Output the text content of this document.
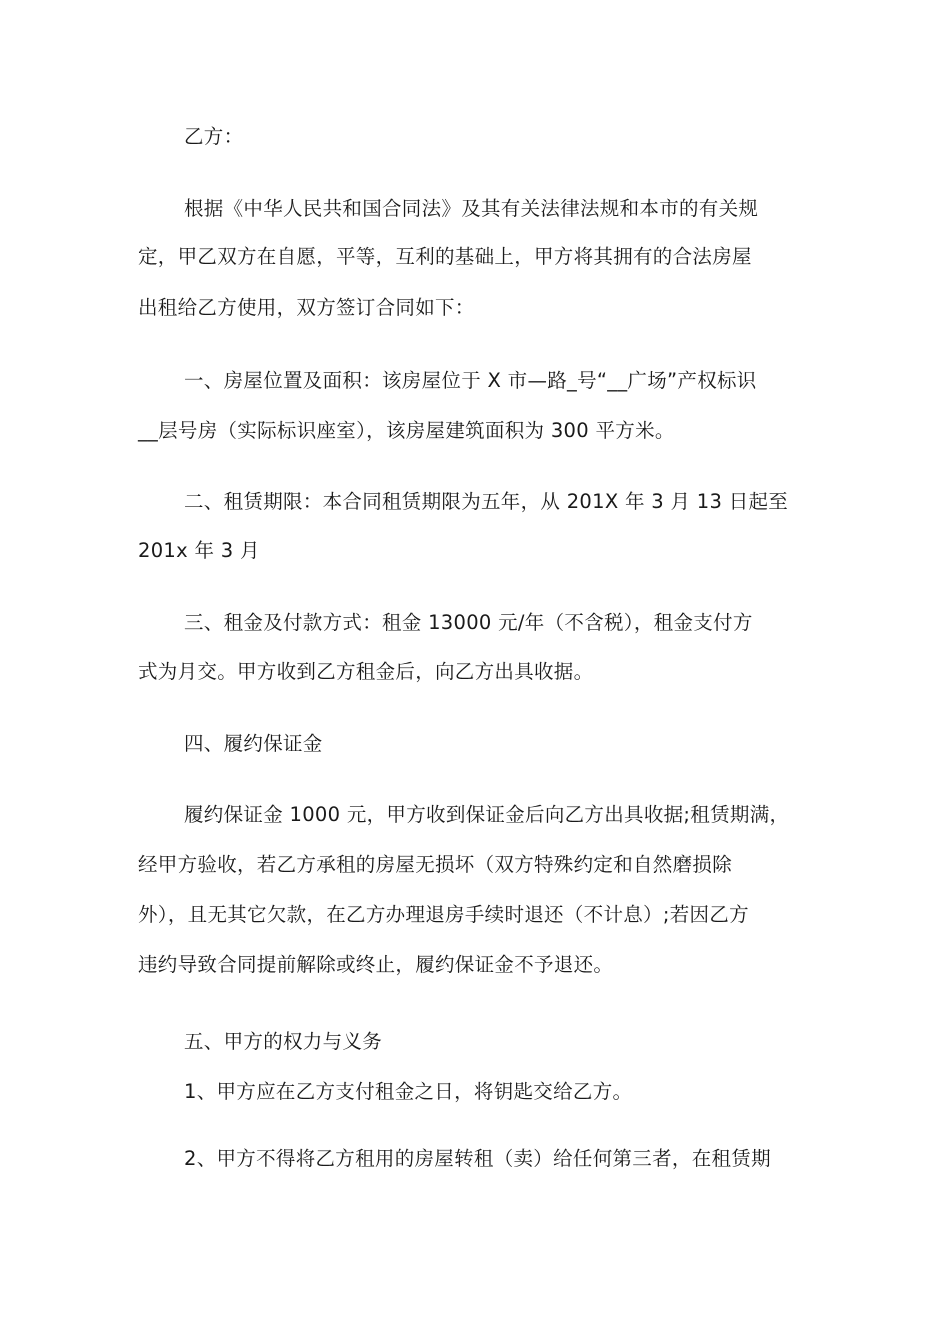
乙方：
根据《中华人民共和国合同法》及其有关法律法规和本市的有关规
定，甲乙双方在自愿，平等，互利的基础上，甲方将其拥有的合法房屋
出租给乙方使用，双方签订合同如下：
一、房屋位置及面积：该房屋位于 X 市—路_号“__广场”产权标识
__层号房（实际标识座室），该房屋建筑面积为 300 平方米。
二、租赁期限：本合同租赁期限为五年，从 201X 年 3 月 13 日起至
201x 年 3 月
三、租金及付款方式：租金 13000 元/年（不含税），租金支付方
式为月交。甲方收到乙方租金后，向乙方出具收据。
四、履约保证金
履约保证金 1000 元，甲方收到保证金后向乙方出具收据;租赁期满，
经甲方验收，若乙方承租的房屋无损坏（双方特殊约定和自然磨损除
外），且无其它欠款，在乙方办理退房手续时退还（不计息）;若因乙方
违约导致合同提前解除或终止，履约保证金不予退还。
五、甲方的权力与义务
1、甲方应在乙方支付租金之日，将钥匙交给乙方。
2、甲方不得将乙方租用的房屋转租（卖）给任何第三者，在租赁期
